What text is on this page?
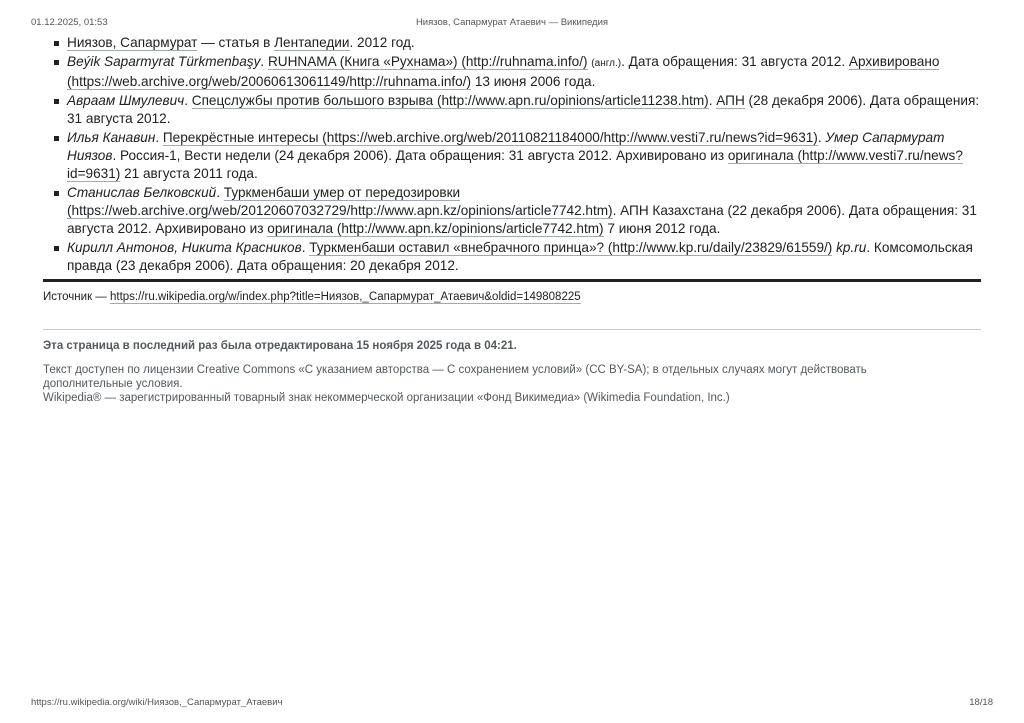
01.12.2025, 01:53	Ниязов, Сапармурат Атаевич — Википедия
Ниязов, Сапармурат — статья в Лентапедии. 2012 год.
Beýik Saparmyrat Türkmenbaşy. RUHNAMA (Книга «Рухнама») (http://ruhnama.info/) (англ.). Дата обращения: 31 августа 2012. Архивировано (https://web.archive.org/web/20060613061149/http://ruhnama.info/) 13 июня 2006 года.
Авраам Шмулевич. Спецслужбы против большого взрыва (http://www.apn.ru/opinions/article11238.htm). АПН (28 декабря 2006). Дата обращения: 31 августа 2012.
Илья Канавин. Перекрёстные интересы (https://web.archive.org/web/20110821184000/http://www.vesti7.ru/news?id=9631). Умер Сапармурат Ниязов. Россия-1, Вести недели (24 декабря 2006). Дата обращения: 31 августа 2012. Архивировано из оригинала (http://www.vesti7.ru/news?id=9631) 21 августа 2011 года.
Станислав Белковский. Туркменбаши умер от передозировки (https://web.archive.org/web/20120607032729/http://www.apn.kz/opinions/article7742.htm). АПН Казахстана (22 декабря 2006). Дата обращения: 31 августа 2012. Архивировано из оригинала (http://www.apn.kz/opinions/article7742.htm) 7 июня 2012 года.
Кирилл Антонов, Никита Красников. Туркменбаши оставил «внебрачного принца»? (http://www.kp.ru/daily/23829/61559/) kp.ru. Комсомольская правда (23 декабря 2006). Дата обращения: 20 декабря 2012.
Источник — https://ru.wikipedia.org/w/index.php?title=Ниязов,_Сапармурат_Атаевич&oldid=149808225
Эта страница в последний раз была отредактирована 15 ноября 2025 года в 04:21.

Текст доступен по лицензии Creative Commons «С указанием авторства — С сохранением условий» (CC BY-SA); в отдельных случаях могут действовать дополнительные условия.

Wikipedia® — зарегистрированный товарный знак некоммерческой организации «Фонд Викимедиа» (Wikimedia Foundation, Inc.)

https://ru.wikipedia.org/wiki/Ниязов,_Сапармурат_Атаевич	18/18
